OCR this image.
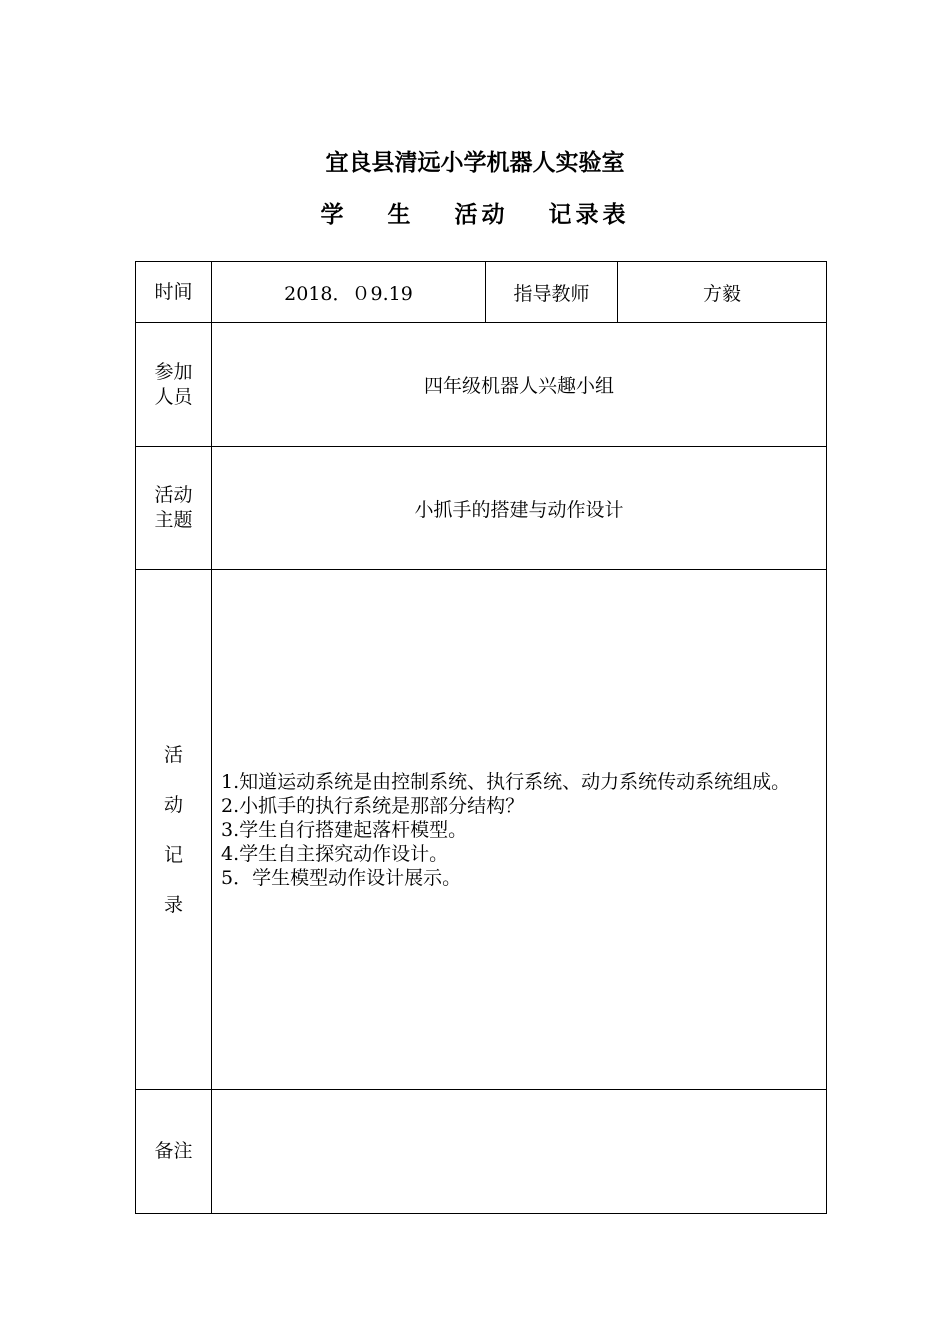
宜良县清远小学机器人实验室
学  生  活动  记录表
时间	2018．０9.19	指导教师	方毅

参加
人员	四年级机器人兴趣小组		

活动
主题	小抓手的搭建与动作设计		

活
动
记
录	1.知道运动系统是由控制系统、执行系统、动力系统传动系统组成。
2.小抓手的执行系统是那部分结构？
3.学生自行搭建起落杆模型。
4.学生自主探究动作设计。
5．学生模型动作设计展示。		

备注			
